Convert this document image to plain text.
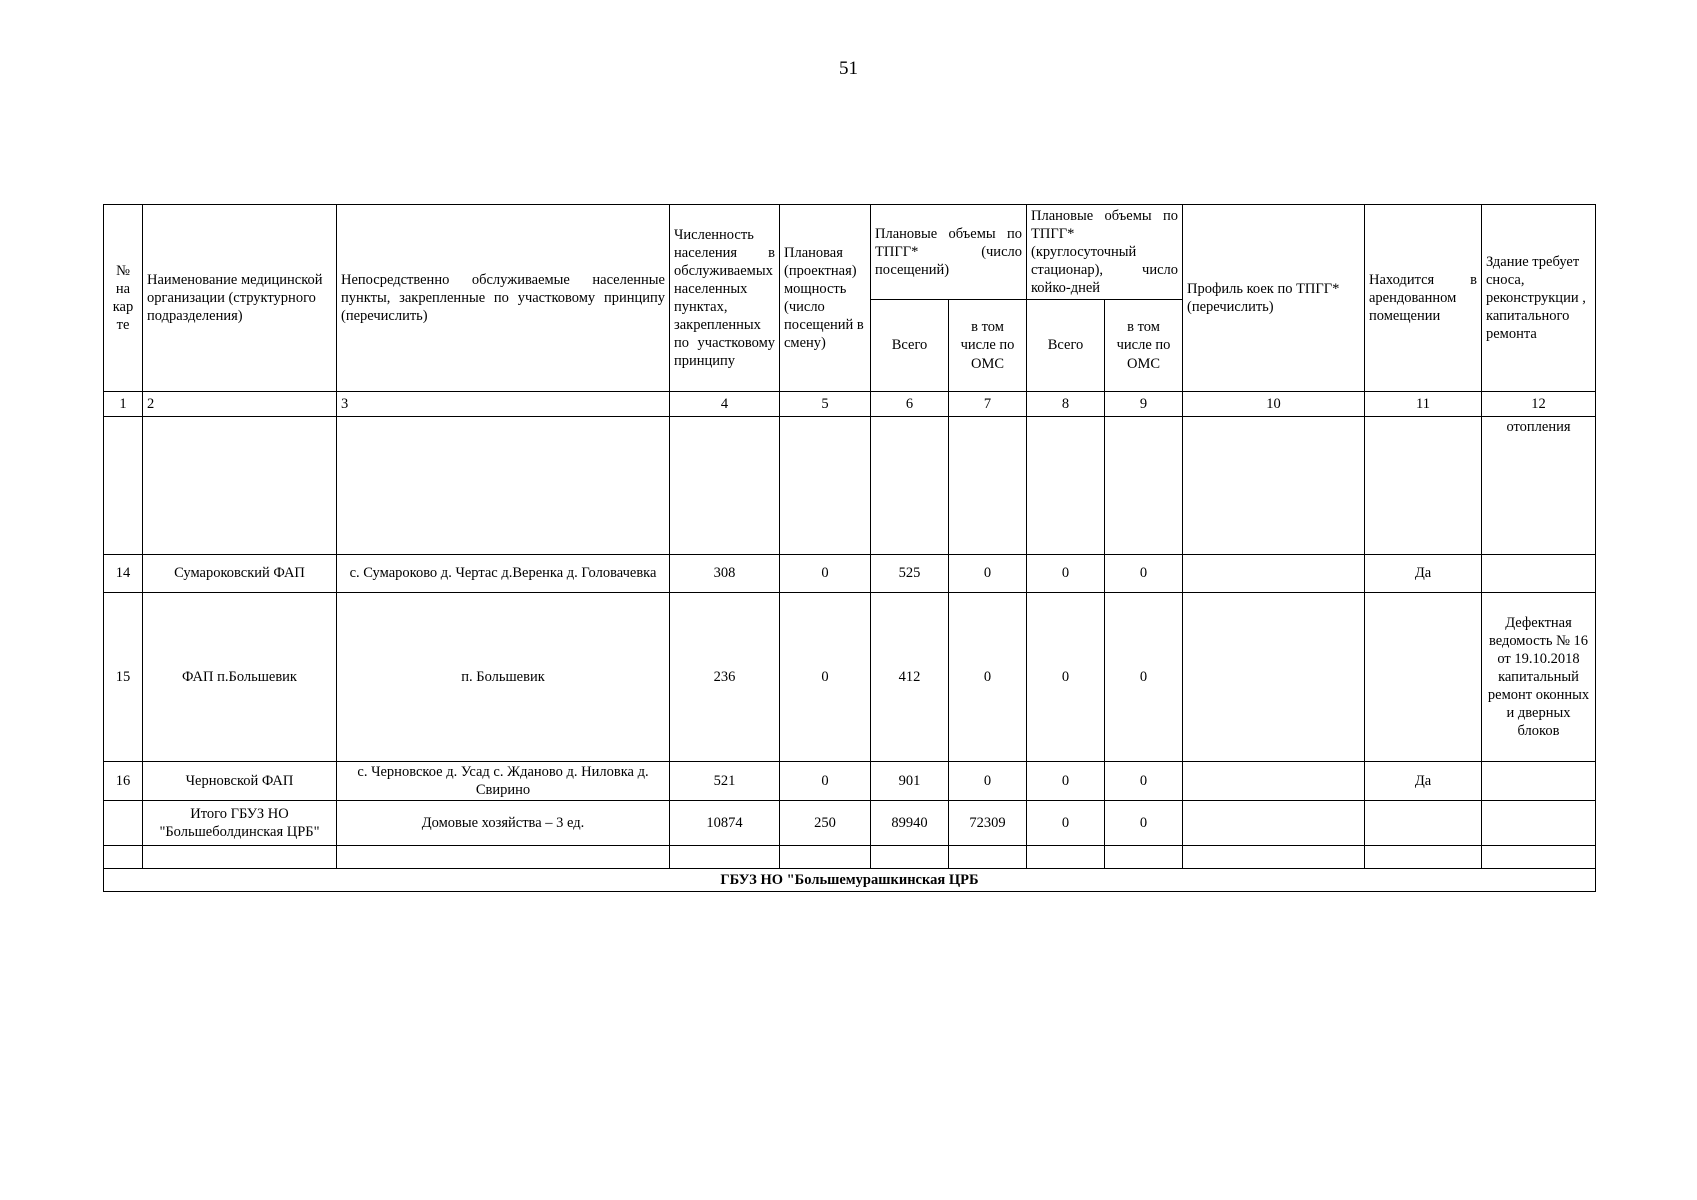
51
№ на кар те	Наименование медицинской организации (структурного подразделения)	Непосредственно обслуживаемые населенные пункты, закрепленные по участковому принципу (перечислить)	Численность населения в обслуживаемых населенных пунктах, закрепленных по участковому принципу	Плановая (проектная) мощность (число посещений в смену)	Плановые объемы по ТПГГ* (число посещений)		Плановые объемы по ТПГГ* (круглосуточный стационар), число койко-дней		Профиль коек по ТПГГ* (перечислить)	Находится в арендованном помещении	Здание требует сноса, реконструкции , капитального ремонта
					Всего	в том числе по ОМС	Всего	в том числе по ОМС			
1	2	3	4	5	6	7	8	9	10	11	12
											отопления
14	Сумароковский ФАП	с. Сумароково д. Чертас д.Веренка д. Головачевка	308	0	525	0	0	0		Да	
15	ФАП п.Большевик	п. Большевик	236	0	412	0	0	0			Дефектная ведомость № 16 от 19.10.2018 капитальный ремонт оконных и дверных блоков
16	Черновской ФАП	с. Черновское д. Усад с. Жданово д. Ниловка д. Свирино	521	0	901	0	0	0		Да	
	Итого ГБУЗ НО "Большеболдинская ЦРБ"	Домовые хозяйства – 3 ед.	10874	250	89940	72309	0	0			

ГБУЗ НО "Большемурашкинская ЦРБ											
